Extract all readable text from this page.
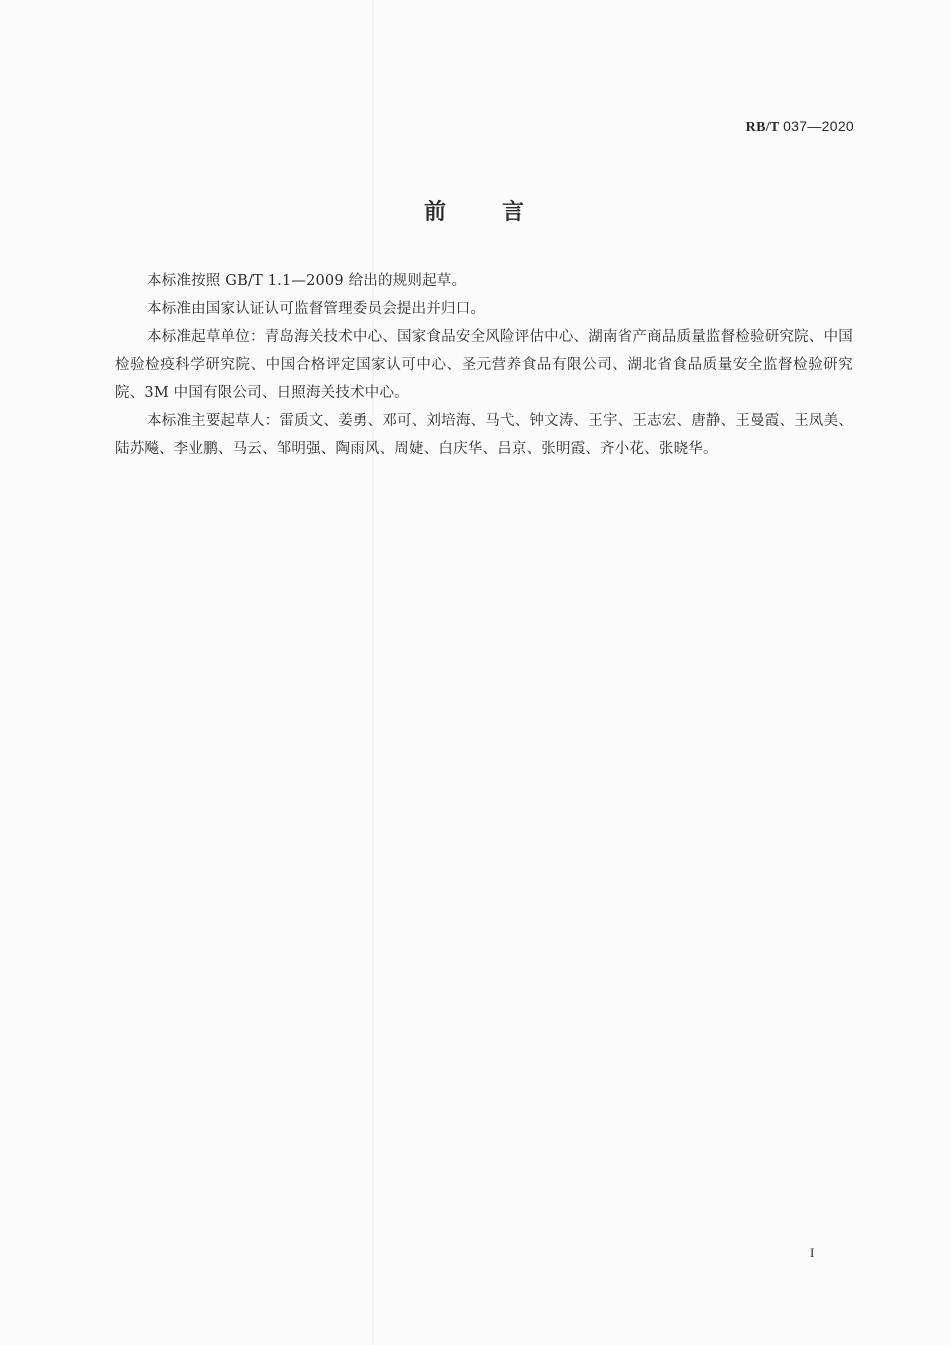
RB/T 037—2020
前 言

本标准按照 GB/T 1.1—2009 给出的规则起草。

本标准由国家认证认可监督管理委员会提出并归口。

本标准起草单位：青岛海关技术中心、国家食品安全风险评估中心、湖南省产商品质量监督检验研究院、中国检验检疫科学研究院、中国合格评定国家认可中心、圣元营养食品有限公司、湖北省食品质量安全监督检验研究院、3M 中国有限公司、日照海关技术中心。

本标准主要起草人：雷质文、姜勇、邓可、刘培海、马弋、钟文涛、王宇、王志宏、唐静、王曼霞、王凤美、陆苏飚、李业鹏、马云、邹明强、陶雨风、周婕、白庆华、吕京、张明霞、齐小花、张晓华。

I
